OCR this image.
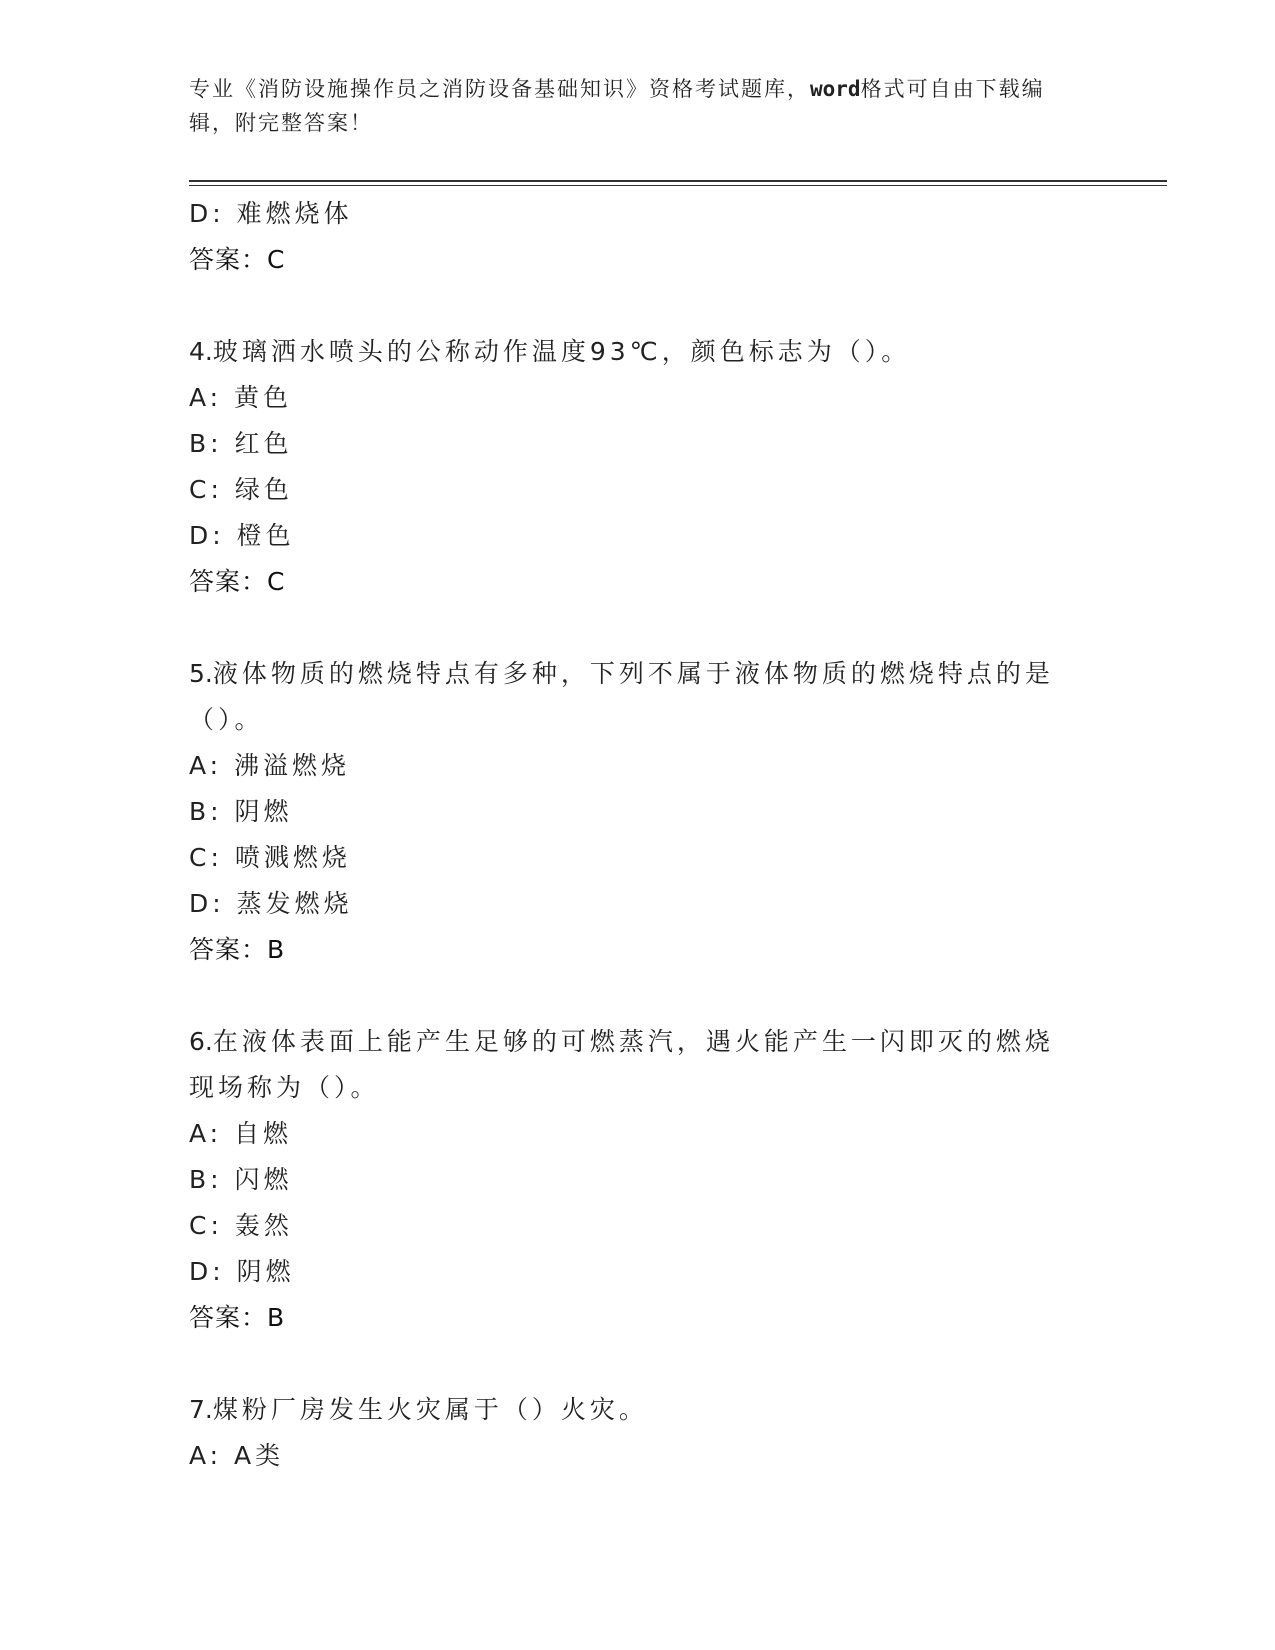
专业《消防设施操作员之消防设备基础知识》资格考试题库，word格式可自由下载编辑，附完整答案！
D: 难燃烧体
答案：C
4.玻璃洒水喷头的公称动作温度93℃，颜色标志为（）。
A: 黄色
B: 红色
C: 绿色
D: 橙色
答案：C
5.液体物质的燃烧特点有多种，下列不属于液体物质的燃烧特点的是（）。
A: 沸溢燃烧
B: 阴燃
C: 喷溅燃烧
D: 蒸发燃烧
答案：B
6.在液体表面上能产生足够的可燃蒸汽，遇火能产生一闪即灭的燃烧现场称为（）。
A: 自燃
B: 闪燃
C: 轰然
D: 阴燃
答案：B
7.煤粉厂房发生火灾属于（）火灾。
A: A类
